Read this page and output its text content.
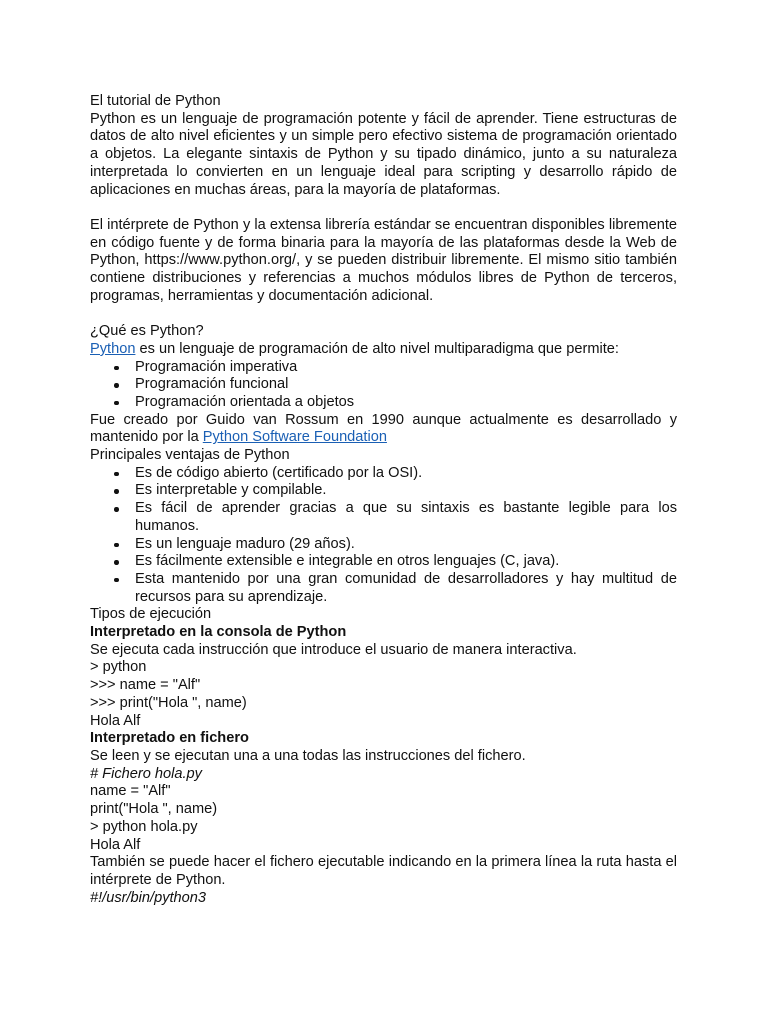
El tutorial de Python

Python es un lenguaje de programación potente y fácil de aprender. Tiene estructuras de datos de alto nivel eficientes y un simple pero efectivo sistema de programación orientado a objetos. La elegante sintaxis de Python y su tipado dinámico, junto a su naturaleza interpretada lo convierten en un lenguaje ideal para scripting y desarrollo rápido de aplicaciones en muchas áreas, para la mayoría de plataformas.

El intérprete de Python y la extensa librería estándar se encuentran disponibles libremente en código fuente y de forma binaria para la mayoría de las plataformas desde la Web de Python, https://www.python.org/, y se pueden distribuir libremente. El mismo sitio también contiene distribuciones y referencias a muchos módulos libres de Python de terceros, programas, herramientas y documentación adicional.

¿Qué es Python?

Python es un lenguaje de programación de alto nivel multiparadigma que permite:

Programación imperativa
Programación funcional
Programación orientada a objetos

Fue creado por Guido van Rossum en 1990 aunque actualmente es desarrollado y mantenido por la Python Software Foundation

Principales ventajas de Python

Es de código abierto (certificado por la OSI).
Es interpretable y compilable.
Es fácil de aprender gracias a que su sintaxis es bastante legible para los humanos.
Es un lenguaje maduro (29 años).
Es fácilmente extensible e integrable en otros lenguajes (C, java).
Esta mantenido por una gran comunidad de desarrolladores y hay multitud de recursos para su aprendizaje.

Tipos de ejecución

Interpretado en la consola de Python

Se ejecuta cada instrucción que introduce el usuario de manera interactiva.

> python

>>> name = "Alf"

>>> print("Hola ", name)

Hola Alf

Interpretado en fichero

Se leen y se ejecutan una a una todas las instrucciones del fichero.

# Fichero hola.py

name = "Alf"

print("Hola ", name)

> python hola.py

Hola Alf

También se puede hacer el fichero ejecutable indicando en la primera línea la ruta hasta el intérprete de Python.

#!/usr/bin/python3
